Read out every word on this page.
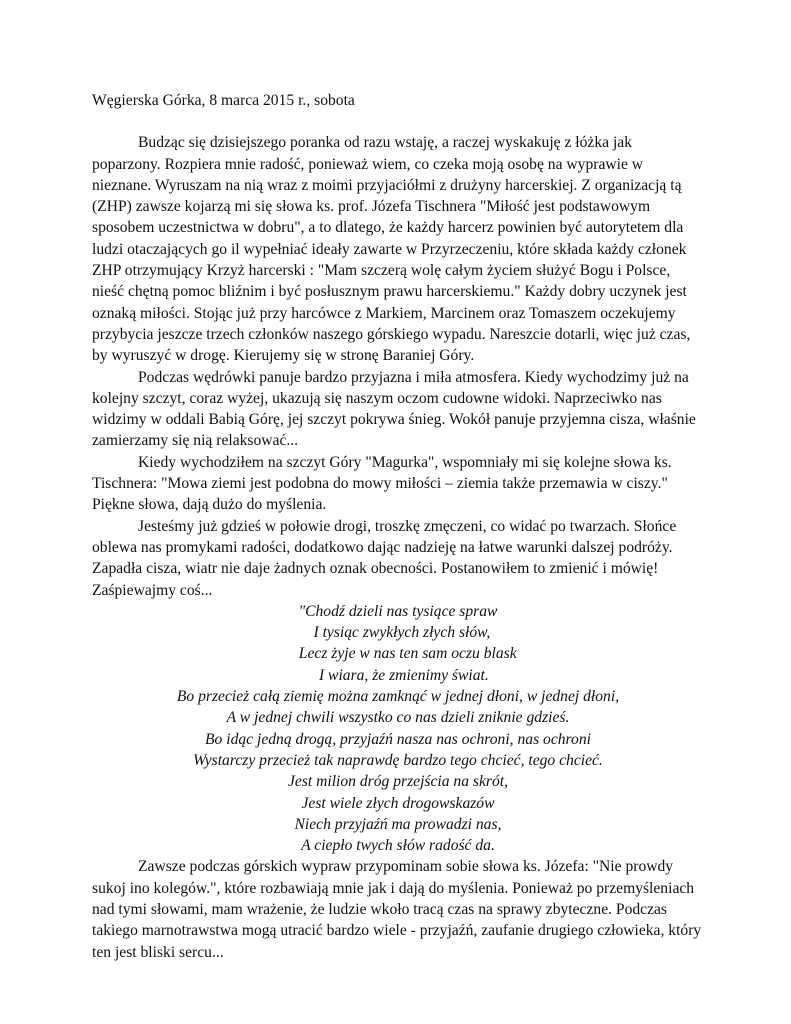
Węgierska Górka, 8 marca 2015 r., sobota

Budząc się dzisiejszego poranka od razu wstaję, a raczej wyskakuję z łóżka jak poparzony. Rozpiera mnie radość, ponieważ wiem, co czeka moją osobę na wyprawie w nieznane. Wyruszam na nią wraz z moimi przyjaciółmi z drużyny harcerskiej. Z organizacją tą (ZHP) zawsze kojarzą mi się słowa ks. prof. Józefa Tischnera "Miłość jest podstawowym sposobem uczestnictwa w dobru", a to dlatego, że każdy harcerz powinien być autorytetem dla ludzi otaczających go il wypełniać ideały zawarte w Przyrzeczeniu, które składa każdy członek ZHP otrzymujący Krzyż harcerski : "Mam szczerą wolę całym życiem służyć Bogu i Polsce, nieść chętną pomoc bliźnim i być posłusznym prawu harcerskiemu." Każdy dobry uczynek jest oznaką miłości. Stojąc już przy harcówce z Markiem, Marcinem oraz Tomaszem oczekujemy przybycia jeszcze trzech członków naszego górskiego wypadu. Nareszcie dotarli, więc już czas, by wyruszyć w drogę. Kierujemy się w stronę Baraniej Góry.

Podczas wędrówki panuje bardzo przyjazna i miła atmosfera. Kiedy wychodzimy już na kolejny szczyt, coraz wyżej, ukazują się naszym oczom cudowne widoki. Naprzeciwko nas widzimy w oddali Babią Górę, jej szczyt pokrywa śnieg. Wokół panuje przyjemna cisza, właśnie zamierzamy się nią relaksować...

Kiedy wychodziłem na szczyt Góry "Magurka", wspomniały mi się kolejne słowa ks. Tischnera: "Mowa ziemi jest podobna do mowy miłości – ziemia także przemawia w ciszy." Piękne słowa, dają dużo do myślenia.

Jesteśmy już gdzieś w połowie drogi, troszkę zmęczeni, co widać po twarzach. Słońce oblewa nas promykami radości, dodatkowo dając nadzieję na łatwe warunki dalszej podróży. Zapadła cisza, wiatr nie daje żadnych oznak obecności. Postanowiłem to zmienić i mówię! Zaśpiewajmy coś...

"Chodź dzieli nas tysiące spraw
I tysiąc zwykłych złych słów,
Lecz żyje w nas ten sam oczu blask
I wiara, że zmienimy świat.
Bo przecież całą ziemię można zamknąć w jednej dłoni, w jednej dłoni,
A w jednej chwili wszystko co nas dzieli zniknie gdzieś.
Bo idąc jedną drogą, przyjaźń nasza nas ochroni, nas ochroni
Wystarczy przecież tak naprawdę bardzo tego chcieć, tego chcieć.
Jest milion dróg przejścia na skrót,
Jest wiele złych drogowskazów
Niech przyjaźń ma prowadzi nas,
A ciepło twych słów radość da.

Zawsze podczas górskich wypraw przypominam sobie słowa ks. Józefa: "Nie prowdy sukoj ino kolegów.", które rozbawiają mnie jak i dają do myślenia. Ponieważ po przemyśleniach nad tymi słowami, mam wrażenie, że ludzie wkoło tracą czas na sprawy zbyteczne. Podczas takiego marnotrawstwa mogą utracić bardzo wiele - przyjaźń, zaufanie drugiego człowieka, który ten jest bliski sercu...
